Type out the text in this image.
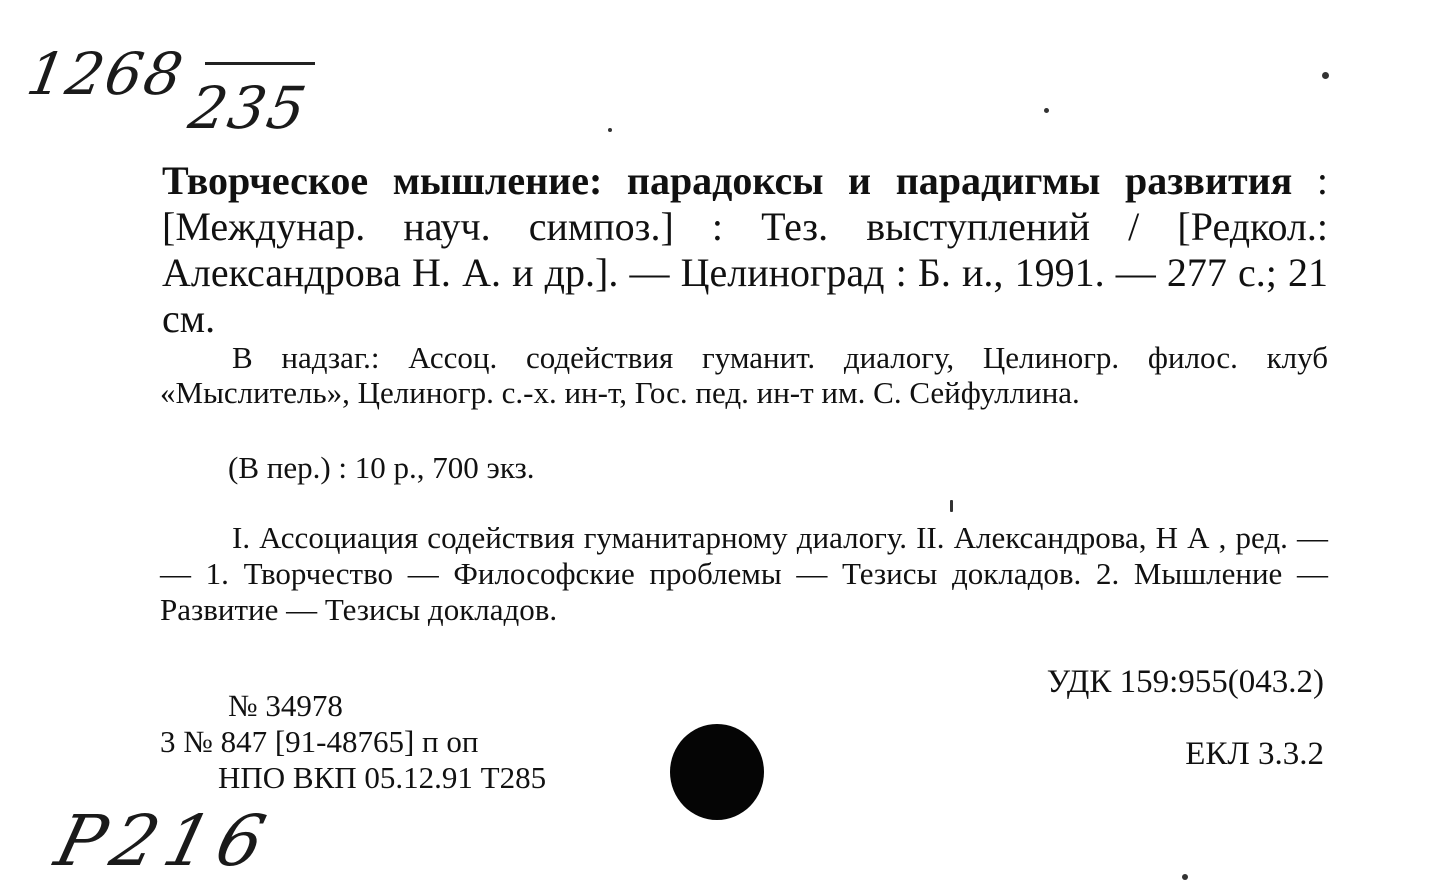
1268
235
Творческое мышление: парадоксы и парадигмы развития : [Междунар. науч. симпоз.] : Тез. выступлений / [Редкол.: Александрова Н. А. и др.]. — Целиноград : Б. и., 1991. — 277 с.; 21 см.
В надзаг.: Ассоц. содействия гуманит. диалогу, Целиногр. филос. клуб «Мыслитель», Целиногр. с.-х. ин-т, Гос. пед. ин-т им. С. Сейфуллина.
(В пер.) : 10 р., 700 экз.
I. Ассоциация содействия гуманитарному диалогу. II. Александрова, Н А , ред. — — 1. Творчество — Философские проблемы — Тезисы докладов. 2. Мышление — Развитие — Тезисы докладов.
УДК 159:955(043.2)
ЕКЛ 3.3.2
№ 34978
3 № 847 [91-48765] п оп
НПО ВКП 05.12.91 Т285
P216
